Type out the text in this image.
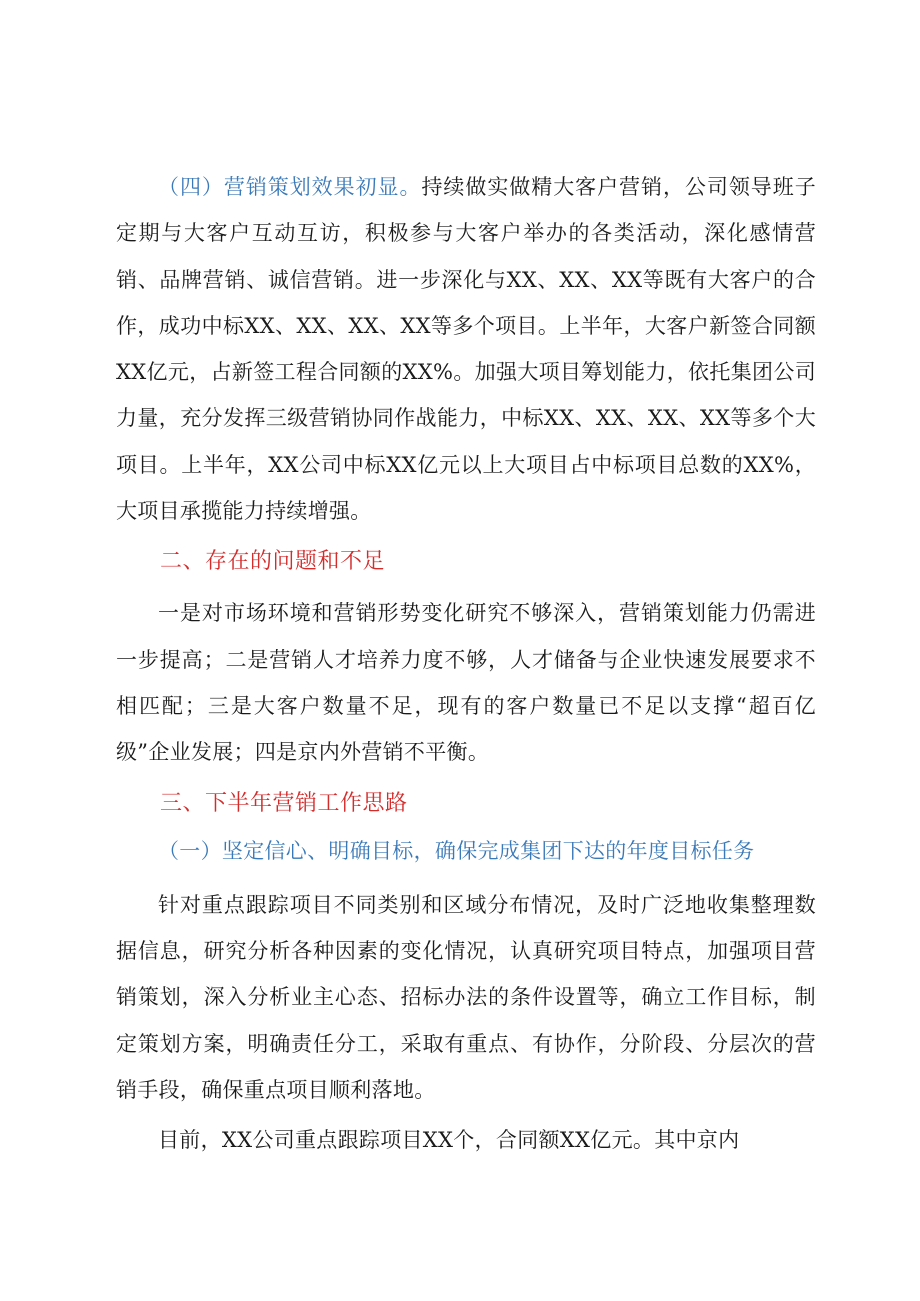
（四）营销策划效果初显。持续做实做精大客户营销，公司领导班子定期与大客户互动互访，积极参与大客户举办的各类活动，深化感情营销、品牌营销、诚信营销。进一步深化与XX、XX、XX等既有大客户的合作，成功中标XX、XX、XX、XX等多个项目。上半年，大客户新签合同额XX亿元，占新签工程合同额的XX%。加强大项目筹划能力，依托集团公司力量，充分发挥三级营销协同作战能力，中标XX、XX、XX、XX等多个大项目。上半年，XX公司中标XX亿元以上大项目占中标项目总数的XX%，大项目承揽能力持续增强。

二、存在的问题和不足

一是对市场环境和营销形势变化研究不够深入，营销策划能力仍需进一步提高；二是营销人才培养力度不够，人才储备与企业快速发展要求不相匹配；三是大客户数量不足，现有的客户数量已不足以支撑“超百亿级”企业发展；四是京内外营销不平衡。

三、下半年营销工作思路

（一）坚定信心、明确目标，确保完成集团下达的年度目标任务

针对重点跟踪项目不同类别和区域分布情况，及时广泛地收集整理数据信息，研究分析各种因素的变化情况，认真研究项目特点，加强项目营销策划，深入分析业主心态、招标办法的条件设置等，确立工作目标，制定策划方案，明确责任分工，采取有重点、有协作，分阶段、分层次的营销手段，确保重点项目顺利落地。

目前，XX公司重点跟踪项目XX个，合同额XX亿元。其中京内
